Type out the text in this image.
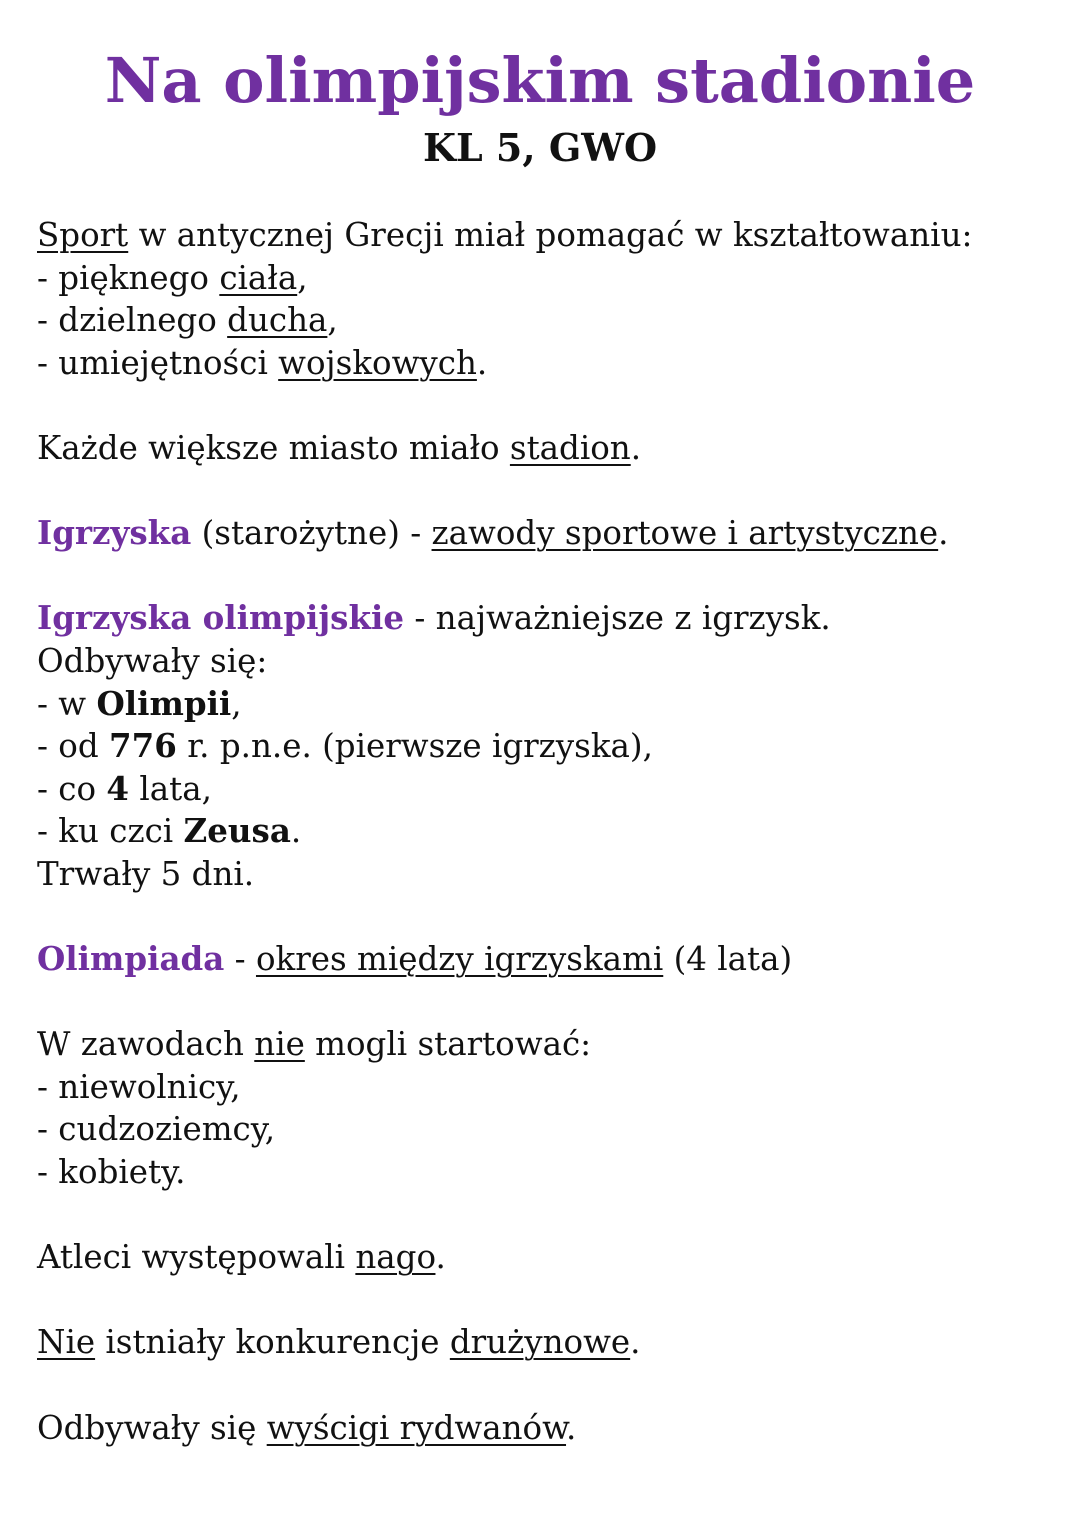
Na olimpijskim stadionie
KL 5, GWO
Sport w antycznej Grecji miał pomagać w kształtowaniu:
- pięknego ciała,
- dzielnego ducha,
- umiejętności wojskowych.
Każde większe miasto miało stadion.
Igrzyska (starożytne) - zawody sportowe i artystyczne.
Igrzyska olimpijskie - najważniejsze z igrzysk.
Odbywały się:
- w Olimpii,
- od 776 r. p.n.e. (pierwsze igrzyska),
- co 4 lata,
- ku czci Zeusa.
Trwały 5 dni.
Olimpiada - okres między igrzyskami (4 lata)
W zawodach nie mogli startować:
- niewolnicy,
- cudzoziemcy,
- kobiety.
Atleci występowali nago.
Nie istniały konkurencje drużynowe.
Odbywały się wyścigi rydwanów.
